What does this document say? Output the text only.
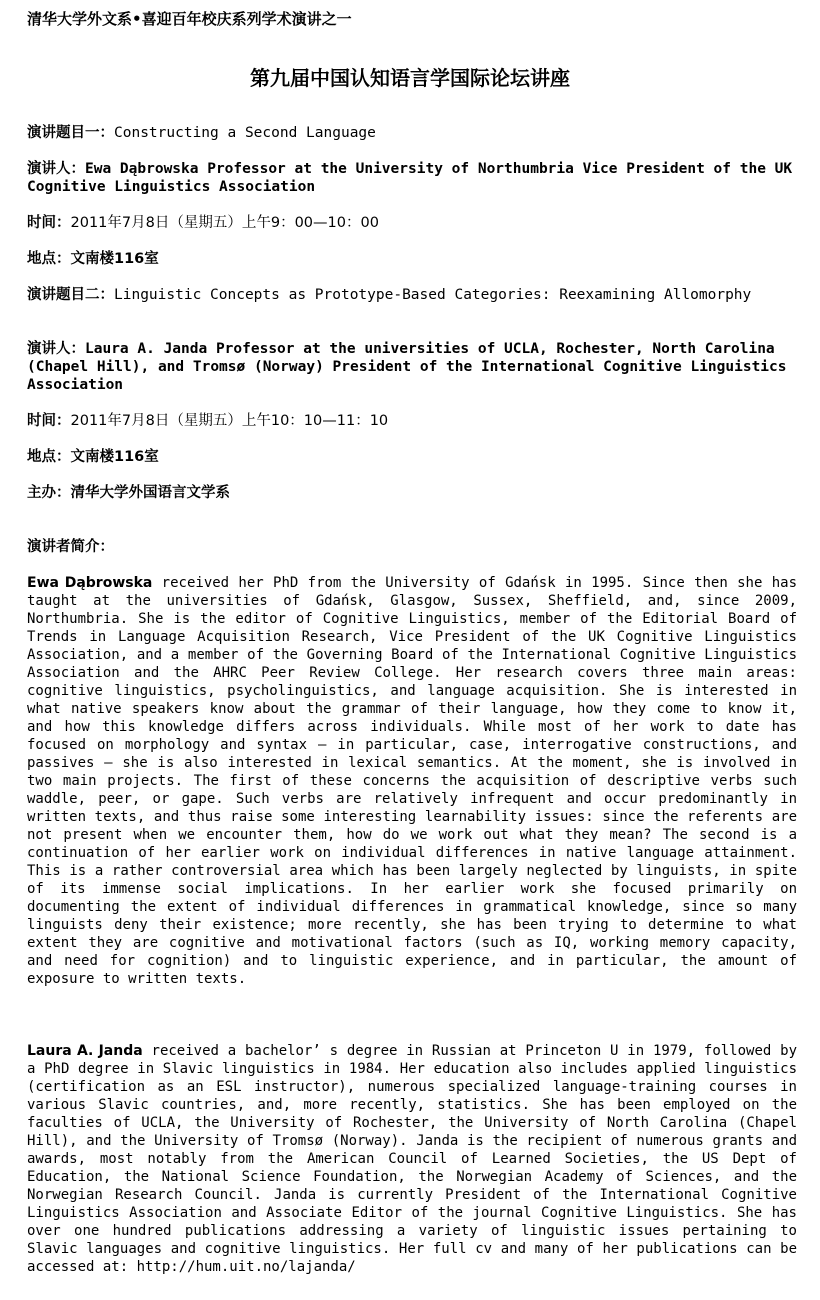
清华大学外文系•喜迎百年校庆系列学术演讲之一
第九届中国认知语言学国际论坛讲座
演讲题目一：Constructing a Second Language
演讲人：Ewa Dąbrowska Professor at the University of Northumbria Vice President of the UK Cognitive Linguistics Association
时间：2011年7月8日（星期五）上午9：00—10：00
地点：文南楼116室
演讲题目二：Linguistic Concepts as Prototype-Based Categories: Reexamining Allomorphy
演讲人：Laura A. Janda Professor at the universities of UCLA, Rochester, North Carolina (Chapel Hill), and Tromsø (Norway) President of the International Cognitive Linguistics Association
时间：2011年7月8日（星期五）上午10：10—11：10
地点：文南楼116室
主办：清华大学外国语言文学系
演讲者简介：
Ewa Dąbrowska received her PhD from the University of Gdańsk in 1995. Since then she has taught at the universities of Gdańsk, Glasgow, Sussex, Sheffield, and, since 2009, Northumbria. She is the editor of Cognitive Linguistics, member of the Editorial Board of Trends in Language Acquisition Research, Vice President of the UK Cognitive Linguistics Association, and a member of the Governing Board of the International Cognitive Linguistics Association and the AHRC Peer Review College. Her research covers three main areas: cognitive linguistics, psycholinguistics, and language acquisition. She is interested in what native speakers know about the grammar of their language, how they come to know it, and how this knowledge differs across individuals. While most of her work to date has focused on morphology and syntax – in particular, case, interrogative constructions, and passives – she is also interested in lexical semantics. At the moment, she is involved in two main projects. The first of these concerns the acquisition of descriptive verbs such waddle, peer, or gape. Such verbs are relatively infrequent and occur predominantly in written texts, and thus raise some interesting learnability issues: since the referents are not present when we encounter them, how do we work out what they mean? The second is a continuation of her earlier work on individual differences in native language attainment. This is a rather controversial area which has been largely neglected by linguists, in spite of its immense social implications. In her earlier work she focused primarily on documenting the extent of individual differences in grammatical knowledge, since so many linguists deny their existence; more recently, she has been trying to determine to what extent they are cognitive and motivational factors (such as IQ, working memory capacity, and need for cognition) and to linguistic experience, and in particular, the amount of exposure to written texts.
Laura A. Janda received a bachelor’ s degree in Russian at Princeton U in 1979, followed by a PhD degree in Slavic linguistics in 1984. Her education also includes applied linguistics (certification as an ESL instructor), numerous specialized language-training courses in various Slavic countries, and, more recently, statistics. She has been employed on the faculties of UCLA, the University of Rochester, the University of North Carolina (Chapel Hill), and the University of Tromsø (Norway). Janda is the recipient of numerous grants and awards, most notably from the American Council of Learned Societies, the US Dept of Education, the National Science Foundation, the Norwegian Academy of Sciences, and the Norwegian Research Council. Janda is currently President of the International Cognitive Linguistics Association and Associate Editor of the journal Cognitive Linguistics. She has over one hundred publications addressing a variety of linguistic issues pertaining to Slavic languages and cognitive linguistics. Her full cv and many of her publications can be accessed at: http://hum.uit.no/lajanda/
